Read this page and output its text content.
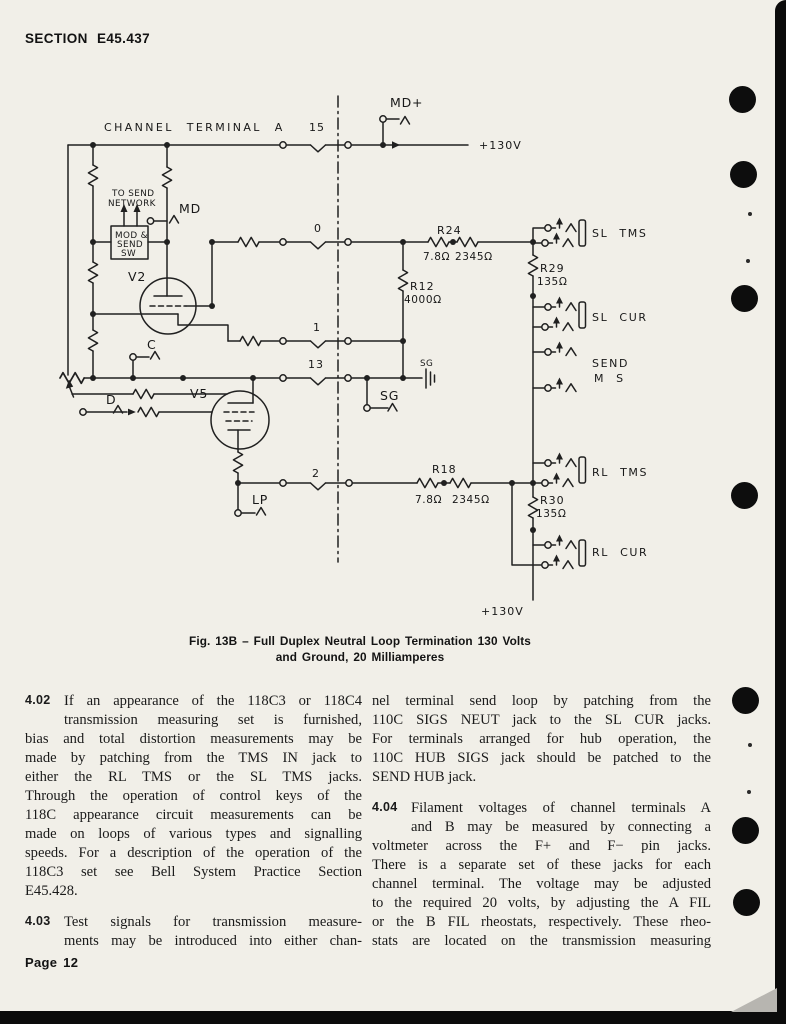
SECTION E45.437
CHANNEL TERMINAL A 15
MD+
+130V
TO SEND
NETWORK MD
MOD &
SEND
SW
V2
0	R24
7.8Ω 2345Ω
R12
4000Ω
R29
135Ω
SL TMS
SL CUR
1
C
13	SG
SG
D	V5
SEND
M S
2	R18
7.8Ω 2345Ω
LP	R30
135Ω
RL TMS
RL CUR
+130V
Fig. 13B – Full Duplex Neutral Loop Termination 130 Volts
and Ground, 20 Milliamperes
4.02 If an appearance of the 118C3 or 118C4
transmission measuring set is furnished,
bias and total distortion measurements may be
made by patching from the TMS IN jack to
either the RL TMS or the SL TMS jacks.
Through the operation of control keys of the
118C appearance circuit measurements can be
made on loops of various types and signalling
speeds. For a description of the operation of the
118C3 set see Bell System Practice Section
E45.428.
4.03 Test signals for transmission measure-
ments may be introduced into either chan-
nel terminal send loop by patching from the
110C SIGS NEUT jack to the SL CUR jacks.
For terminals arranged for hub operation, the
110C HUB SIGS jack should be patched to the
SEND HUB jack.
4.04 Filament voltages of channel terminals A
and B may be measured by connecting a
voltmeter across the F+ and F− pin jacks.
There is a separate set of these jacks for each
channel terminal. The voltage may be adjusted
to the required 20 volts, by adjusting the A FIL
or the B FIL rheostats, respectively. These rheo-
stats are located on the transmission measuring
Page 12
